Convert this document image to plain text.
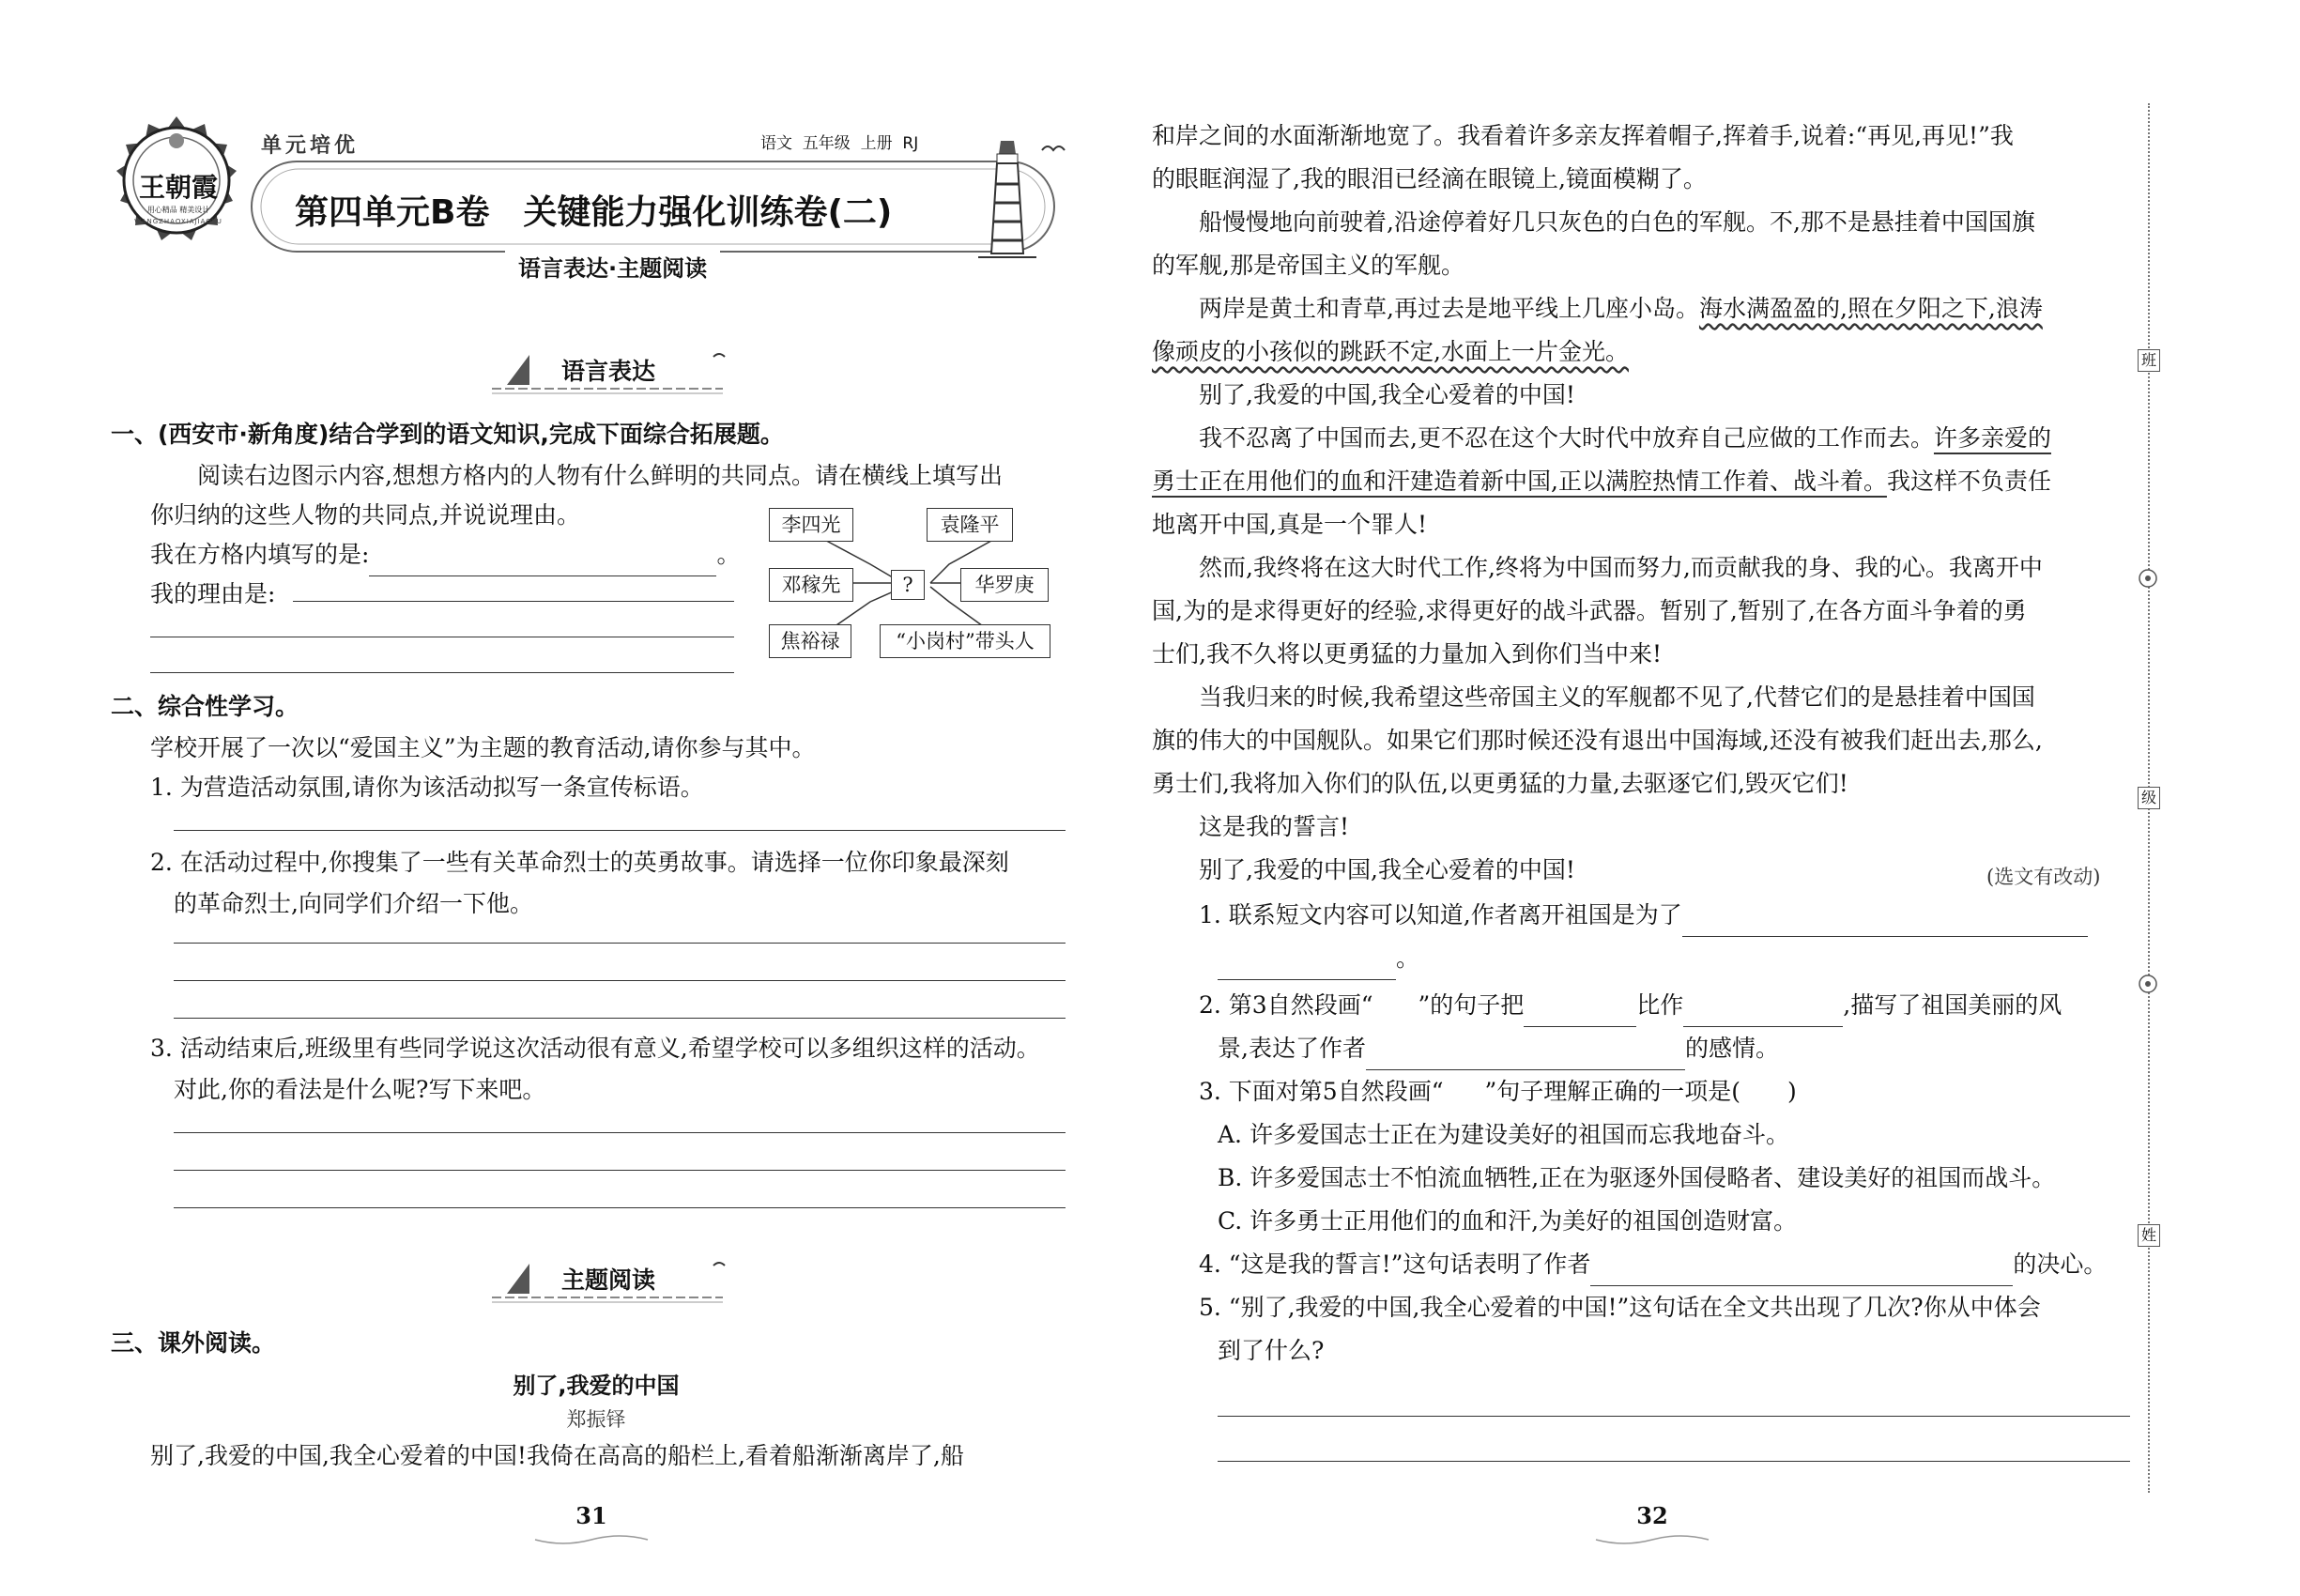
王朝霞
用心精品 精美设计
WANGZHAOXIAJIAOYU
单元培优	语文  五年级  上册  RJ
第四单元B卷　关键能力强化训练卷(二)
语言表达·主题阅读
语言表达
一、(西安市·新角度)结合学到的语文知识,完成下面综合拓展题。
阅读右边图示内容,想想方格内的人物有什么鲜明的共同点。请在横线上填写出
你归纳的这些人物的共同点,并说说理由。
我在方格内填写的是:	。
我的理由是:
李四光	袁隆平
邓稼先	?	华罗庚
焦裕禄	“小岗村”带头人
二、综合性学习。
学校开展了一次以“爱国主义”为主题的教育活动,请你参与其中。
1. 为营造活动氛围,请你为该活动拟写一条宣传标语。
2. 在活动过程中,你搜集了一些有关革命烈士的英勇故事。请选择一位你印象最深刻
的革命烈士,向同学们介绍一下他。
3. 活动结束后,班级里有些同学说这次活动很有意义,希望学校可以多组织这样的活动。
对此,你的看法是什么呢?写下来吧。
主题阅读
三、课外阅读。
别了,我爱的中国
郑振铎
别了,我爱的中国,我全心爱着的中国!我倚在高高的船栏上,看着船渐渐离岸了,船
31
和岸之间的水面渐渐地宽了。我看着许多亲友挥着帽子,挥着手,说着:“再见,再见!”我
的眼眶润湿了,我的眼泪已经滴在眼镜上,镜面模糊了。
船慢慢地向前驶着,沿途停着好几只灰色的白色的军舰。不,那不是悬挂着中国国旗
的军舰,那是帝国主义的军舰。
两岸是黄土和青草,再过去是地平线上几座小岛。海水满盈盈的,照在夕阳之下,浪涛
像顽皮的小孩似的跳跃不定,水面上一片金光。
别了,我爱的中国,我全心爱着的中国!
我不忍离了中国而去,更不忍在这个大时代中放弃自己应做的工作而去。许多亲爱的
勇士正在用他们的血和汗建造着新中国,正以满腔热情工作着、战斗着。我这样不负责任
地离开中国,真是一个罪人!
然而,我终将在这大时代工作,终将为中国而努力,而贡献我的身、我的心。我离开中
国,为的是求得更好的经验,求得更好的战斗武器。暂别了,暂别了,在各方面斗争着的勇
士们,我不久将以更勇猛的力量加入到你们当中来!
当我归来的时候,我希望这些帝国主义的军舰都不见了,代替它们的是悬挂着中国国
旗的伟大的中国舰队。如果它们那时候还没有退出中国海域,还没有被我们赶出去,那么,
勇士们,我将加入你们的队伍,以更勇猛的力量,去驱逐它们,毁灭它们!
这是我的誓言!
别了,我爱的中国,我全心爱着的中国!	(选文有改动)
1. 联系短文内容可以知道,作者离开祖国是为了
。
2. 第3自然段画“ ”的句子把	比作	,描写了祖国美丽的风
景,表达了作者	的感情。
3. 下面对第5自然段画“ ”句子理解正确的一项是(　　)
A. 许多爱国志士正在为建设美好的祖国而忘我地奋斗。
B. 许多爱国志士不怕流血牺牲,正在为驱逐外国侵略者、建设美好的祖国而战斗。
C. 许多勇士正用他们的血和汗,为美好的祖国创造财富。
4. “这是我的誓言!”这句话表明了作者	的决心。
5. “别了,我爱的中国,我全心爱着的中国!”这句话在全文共出现了几次?你从中体会
到了什么?
32
班
级
姓
